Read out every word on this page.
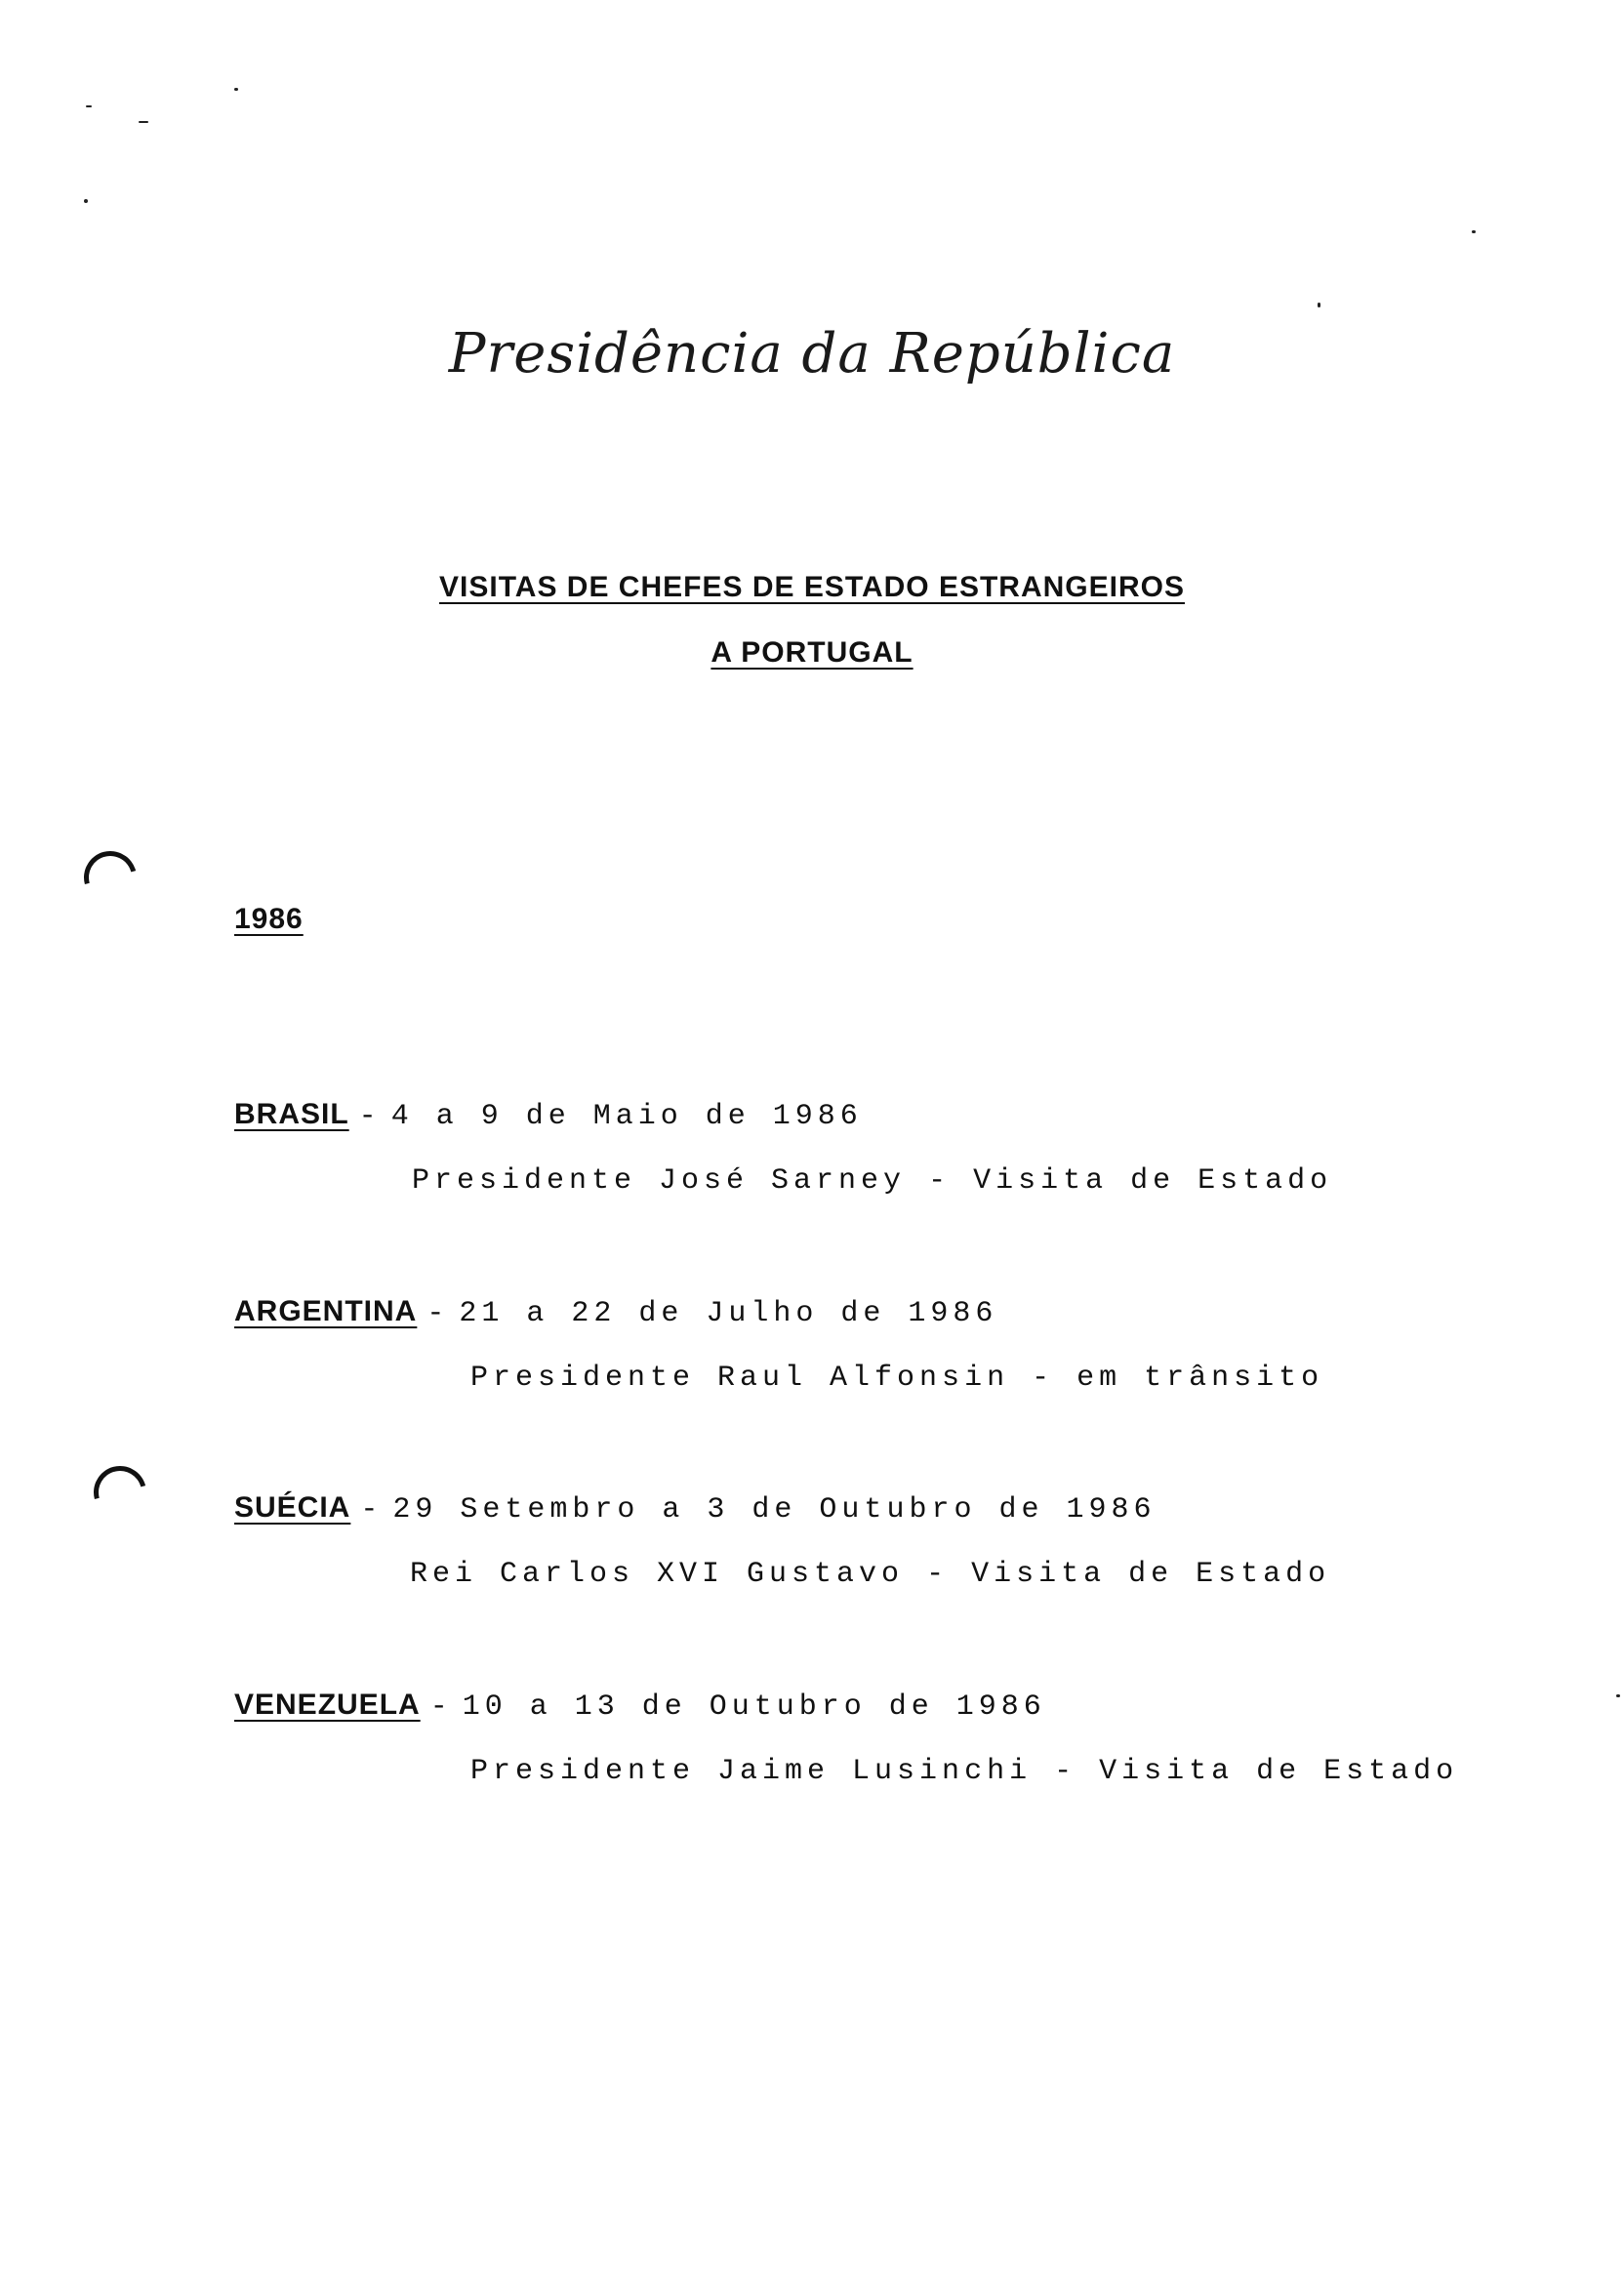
Presidência da República
VISITAS DE CHEFES DE ESTADO ESTRANGEIROS
A PORTUGAL
1986
BRASIL - 4 a 9 de Maio de 1986
Presidente José Sarney - Visita de Estado
ARGENTINA - 21 a 22 de Julho de 1986
Presidente Raul Alfonsin - em trânsito
SUÉCIA - 29 Setembro a 3 de Outubro de 1986
Rei Carlos XVI Gustavo - Visita de Estado
VENEZUELA - 10 a 13 de Outubro de 1986
Presidente Jaime Lusinchi - Visita de Estado
